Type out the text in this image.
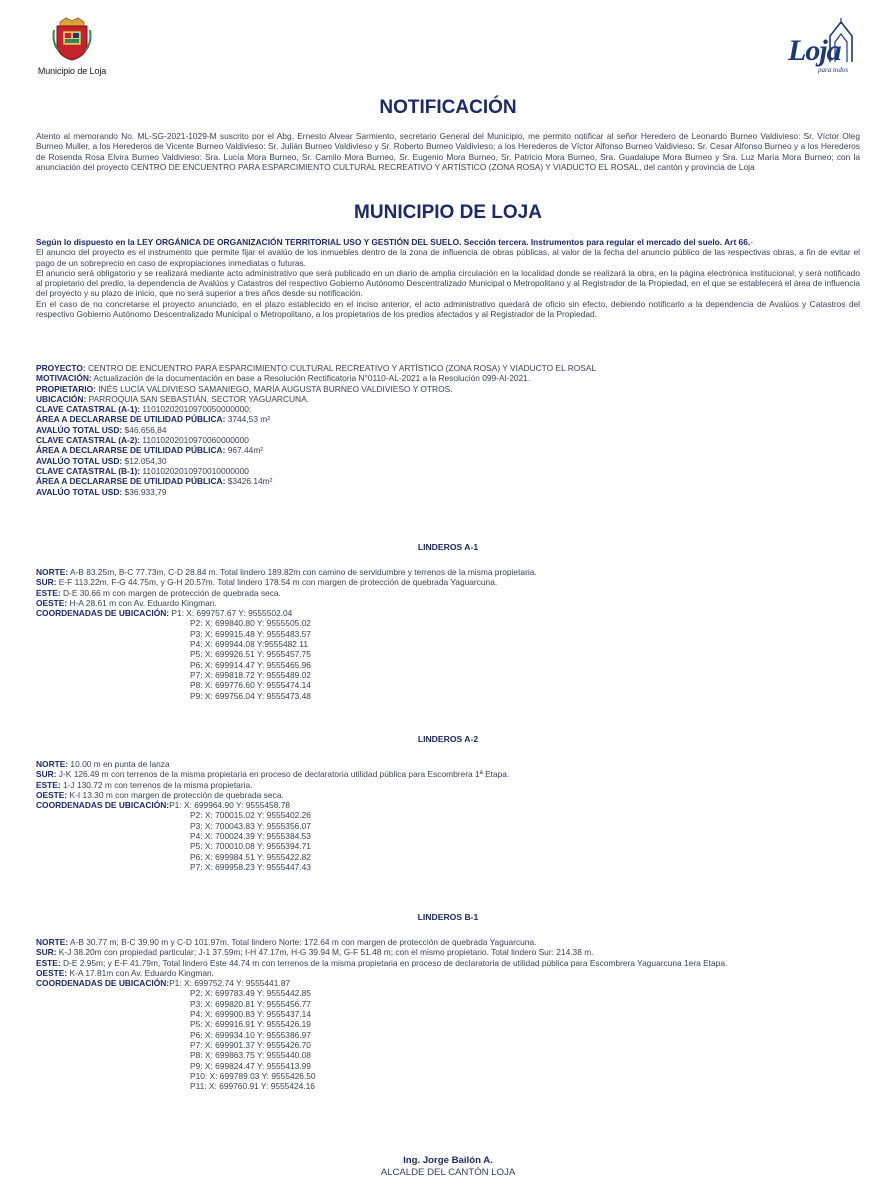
Municipio de Loja
Loja
para todos
NOTIFICACIÓN

Atento al memorando No. ML-SG-2021-1029-M suscrito por el Abg. Ernesto Alvear Sarmiento, secretario General del Municipio, me permito notificar al señor Heredero de Leonardo Burneo Valdivieso: Sr. Víctor Oleg Burneo Muller, a los Herederos de Vicente Burneo Valdivieso: Sr. Julián Burneo Valdivieso y Sr. Roberto Burneo Valdivieso; a los Herederos de Víctor Alfonso Burneo Valdivieso: Sr. Cesar Alfonso Burneo y a los Herederos de Rosenda Rosa Elvira Burneo Valdivieso: Sra. Lucía Mora Burneo, Sr. Camilo Mora Burneo, Sr. Eugenio Mora Burneo, Sr. Patricio Mora Burneo, Sra. Guadalupe Mora Burneo y Sra. Luz María Mora Burneo; con la anunciación del proyecto CENTRO DE ENCUENTRO PARA ESPARCIMIENTO CULTURAL RECREATIVO Y ARTÍSTICO (ZONA ROSA) Y VIADUCTO EL ROSAL, del cantón y provincia de Loja

MUNICIPIO DE LOJA
Según lo dispuesto en la LEY ORGÁNICA DE ORGANIZACIÓN TERRITORIAL USO Y GESTIÓN DEL SUELO. Sección tercera. Instrumentos para regular el mercado del suelo. Art 66.-
El anuncio del proyecto es el instrumento que permite fijar el avalúo de los inmuebles dentro de la zona de influencia de obras públicas, al valor de la fecha del anuncio público de las respectivas obras, a fin de evitar el pago de un sobreprecio en caso de expropiaciones inmediatas o futuras.
El anuncio será obligatorio y se realizará mediante acto administrativo que será publicado en un diario de amplia circulación en la localidad donde se realizará la obra, en la página electrónica institucional, y será notificado al propietario del predio, la dependencia de Avalúos y Catastros del respectivo Gobierno Autónomo Descentralizado Municipal o Metropolitano y al Registrador de la Propiedad, en el que se establecerá el área de influencia del proyecto y su plazo de inicio, que no será superior a tres años desde su notificación.
En el caso de no concretarse el proyecto anunciado, en el plazo establecido en el inciso anterior, el acto administrativo quedará de oficio sin efecto, debiendo notificarlo a la dependencia de Avalúos y Catastros del respectivo Gobierno Autónomo Descentralizado Municipal o Metropolitano, a los propietarios de los predios afectados y al Registrador de la Propiedad.
PROYECTO: CENTRO DE ENCUENTRO PARA ESPARCIMIENTO CULTURAL RECREATIVO Y ARTÍSTICO (ZONA ROSA) Y VIADUCTO EL ROSAL
MOTIVACIÓN: Actualización de la documentación en base a Resolución Rectificatoria N°0110-AL-2021 a la Resolución 099-Al-2021.
PROPIETARIO: INÉS LUCÍA VALDIVIESO SAMANIEGO, MARÍA AUGUSTA BURNEO VALDIVIESO Y OTROS.
UBICACIÓN: PARROQUIA SAN SEBASTIÁN, SECTOR YAGUARCUNA.
CLAVE CATASTRAL (A-1): 11010202010970050000000;
ÁREA A DECLARARSE DE UTILIDAD PÚBLICA: 3744,53 m²
AVALÚO TOTAL USD: $46.656,84
CLAVE CATASTRAL (A-2): 11010202010970060000000
ÁREA A DECLARARSE DE UTILIDAD PÚBLICA: 967.44m²
AVALÚO TOTAL USD: $12.054,30
CLAVE CATASTRAL (B-1): 11010202010970010000000
ÁREA A DECLARARSE DE UTILIDAD PÚBLICA: $3426.14m²
AVALÚO TOTAL USD: $36.933,79
LINDEROS A-1
NORTE: A-B 83.25m, B-C 77.73m, C-D 28.84 m. Total lindero 189.82m con camino de servidumbre y terrenos de la misma propietaria.
SUR: E-F 113.22m, F-G 44.75m, y G-H 20.57m. Total lindero 178.54 m con margen de protección de quebrada Yaguarcuna.
ESTE: D-E 30.66 m con margen de protección de quebrada seca.
OESTE: H-A 28.61 m con Av. Eduardo Kingman.
COORDENADAS DE UBICACIÓN: P1: X: 699757.67 Y: 9555502.04
P2: X: 699840.80 Y: 9555505.02
P3: X: 699915.48 Y: 9555483.57
P4: X: 699944.08 Y:9555482.11
P5: X: 699926.51 Y: 9555457.75
P6: X: 699914.47 Y: 9555465.96
P7: X: 699818.72 Y: 9555489.02
P8: X: 699776.60 Y: 9555474.14
P9: X: 699756.04 Y: 9555473.48
LINDEROS A-2
NORTE: 10.00 m en punta de lanza
SUR: J-K 126.49 m con terrenos de la misma propietaria en proceso de declaratoria utilidad pública para Escombrera 1ª Etapa.
ESTE: 1-J 130.72 m con terrenos de la misma propietaria.
OESTE: K-I 13.30 m con margen de protección de quebrada seca.
COORDENADAS DE UBICACIÓN:P1: X: 699964.90 Y: 9555458.78
P2: X: 700015.02 Y: 9555402.26
P3: X: 700043.83 Y: 9555356.07
P4: X: 700024.39 Y: 9555384.53
P5: X: 700010.08 Y: 9555394.71
P6: X: 699984.51 Y: 9555422.82
P7: X: 699958.23 Y: 9555447.43
LINDEROS B-1
NORTE: A-B 30.77 m; B-C 39.90 m y C-D 101.97m. Total lindero Norte: 172.64 m con margen de protección de quebrada Yaguarcuna.
SUR: K-J 38.20m con propiedad particular; J-1 37.59m; I-H 47.17m, H-G 39.94 M, G-F 51.48 m; con el mismo propietario. Total lindero Sur: 214.38 m.
ESTE: D-E 2.95m; y E-F 41.79m, Total lindero Este 44.74 m con terrenos de la misma propietaria en proceso de declaratoria de utilidad pública para Escombrera Yaguarcuna 1era Etapa.
OESTE: K-A 17.81m con Av. Eduardo Kingman.
COORDENADAS DE UBICACIÓN:P1: X: 699752.74 Y: 9555441.87
P2: X: 699783.49 Y: 9555442.85
P3: X: 699820.81 Y: 9555456.77
P4: X: 699900.83 Y: 9555437.14
P5: X: 699916.91 Y: 9555426.19
P6: X: 699934.10 Y: 9555386.97
P7: X: 699901.37 Y: 9555426.70
P8: X: 699863.75 Y: 9555440.08
P9: X: 699824.47 Y: 9555413.99
P10: X: 699789.03 Y: 9555426.50
P11: X: 699760.91 Y: 9555424.16
Ing. Jorge Bailón A.
ALCALDE DEL CANTÓN LOJA
